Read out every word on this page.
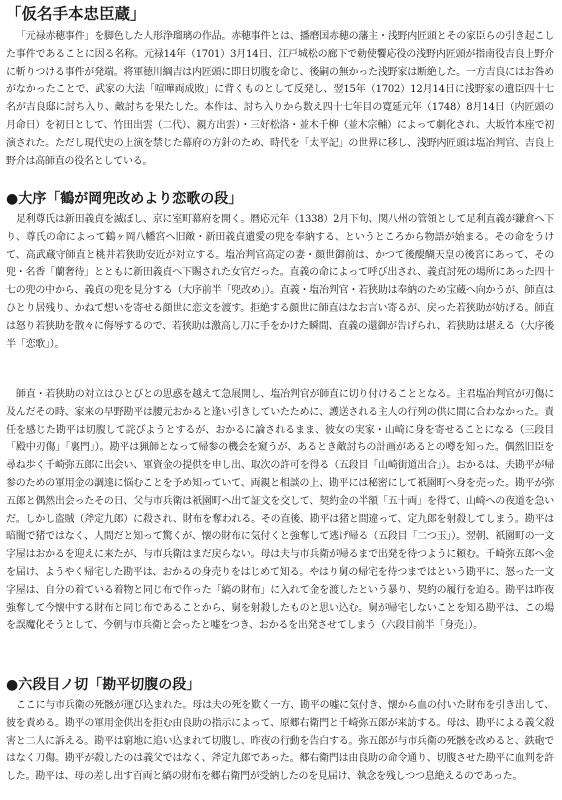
「仮名手本忠臣蔵」

「元禄赤穂事件」を脚色した人形浄瑠璃の作品。赤穂事件とは、播磨国赤穂の藩主・浅野内匠頭とその家臣らの引き起こした事件であることに因る名称。元禄14年（1701）3月14日、江戸城松の廊下で勅使饗応役の浅野内匠頭が指南役吉良上野介に斬りつける事件が発端。将軍徳川綱吉は内匠頭に即日切腹を命じ、後嗣の無かった浅野家は断絶した。一方吉良にはお咎めがなかったことで、武家の大法「喧嘩両成敗」に背くものとして反発し、翌15年（1702）12月14日に浅野家の遺臣四十七名が吉良邸に討ち入り、敵討ちを果たした。本作は、討ち入りから数え四十七年目の寛延元年（1748）8月14日（内匠頭の月命日）を初日として、竹田出雲（二代）、親方出雲）・三好松洛・並木千柳（並木宗輔）によって劇化され、大坂竹本座で初演された。ただし現代史の上演を禁じた幕府の方針のため、時代を「太平記」の世界に移し、浅野内匠頭は塩冶判官、吉良上野介は高師直の役名としている。

●大序「鶴が岡兜改めより恋歌の段」

足利尊氏は新田義貞を滅ぼし、京に室町幕府を開く。暦応元年（1338）2月下旬、関八州の管領として足利直義が鎌倉へ下り、尊氏の命によって鶴ヶ岡八幡宮へ旧敵・新田義貞遺愛の兜を奉納する、というところから物語が始まる。その命をうけて、高武蔵守師直と桃井若狭助安近が対立する。塩冶判官高定の妻・顔世御前は、かつて後醍醐天皇の後宮にあって、その兜・名香「蘭奢待」とともに新田義貞へ下賜された女官だった。直義の命によって呼び出され、義貞討死の場所にあった四十七の兜の中から、義貞の兜を見分する（大序前半「兜改め」）。直義・塩冶判官・若狭助は奉納のため宝蔵へ向かうが、師直はひとり居残り、かねて想いを寄せる顔世に恋文を渡す。拒絶する顔世に師直はなお言い寄るが、戻った若狭助が妨げる。師直は怒り若狭助を散々に侮辱するので、若狭助は激高し刀に手をかけた瞬間、直義の還御が告げられ、若狭助は堪える（大序後半「恋歌」）。

師直・若狭助の対立はひとびとの思惑を越えて急展開し、塩冶判官が師直に切り付けることとなる。主君塩冶判官が刃傷に及んだその時、家来の早野勘平は腰元おかると逢い引きしていたために、護送される主人の行列の供に間に合わなかった。責任を感じた勘平は切腹して詫びようとするが、おかるに論されるまま、彼女の実家・山崎に身を寄せることになる（三段目「殿中刃傷」「裏門」）。勘平は猟師となって帰参の機会を窺うが、あるとき敵討ちの計画があるとの噂を知った。偶然旧臣を尋ね歩く千崎弥五郎に出会い、軍資金の提供を申し出、取次の許可を得る（五段目「山崎街道出合」）。おかるは、夫勘平が帰参のための軍用金の調達に悩むことを予め知っていて、両親と相談の上、勘平には秘密にして祇園町へ身を売った。勘平が弥五郎と偶然出会ったその日、父与市兵衛は祇園町へ出て証文を交して、契約金の半額「五十両」を得て、山崎への夜道を急いだ。しかし盗賊（斧定九郎）に殺され、財布を奪われる。その直後、勘平は猪と間違って、定九郎を射殺してしまう。勘平は暗闇で猪ではなく、人間だと知って驚くが、懐の財布に気付くと強奪して逃げ帰る（五段目「二つ玉」）。翌朝、祇園町の一文字屋はおかるを迎えに来たが、与市兵衛はまだ戻らない。母は夫与市兵衛が帰るまで出発を待つように頼む。千崎弥五郎へ金を届け、ようやく帰宅した勘平は、おかるの身売りをはじめて知る。やはり舅の帰宅を待つまではという勘平に、怒った一文字屋は、自分の着ている着物と同じ布で作った「縞の財布」に入れて金を渡したという暴り、契約の履行を迫る。勘平は昨夜強奪して今懐中する財布と同じ布であることから、舅を射殺したものと思い込む。舅が帰宅しないことを知る勘平は、この場を誤魔化そうとして、今朝与市兵衛と会ったと嘘をつき、おかるを出発させてしまう（六段目前半「身売」）。

●六段目ノ切「勘平切腹の段」

ここに与市兵衛の死骸が運び込まれた。母は夫の死を歎く一方、勘平の嘘に気付き、懐から血の付いた財布を引き出して、彼を責める。勘平の軍用金供出を拒む由良助の指示によって、原郷右衛門と千崎弥五郎が来訪する。母は、勘平による義父殺害と二人に訴える。勘平は窮地に追い込まれて切腹し、昨夜の行動を告白する。弥五郎が与市兵衛の死骸を改めると、鉄砲ではなく刀傷。勘平が殺したのは義父ではなく、斧定九郎であった。郷右衛門は由良助の命令通り、切腹させた勘平に血判を許した。勘平は、母の差し出す百両と縞の財布を郷右衛門が受納したのを見届け、執念を残しつつ息絶えるのであった。
